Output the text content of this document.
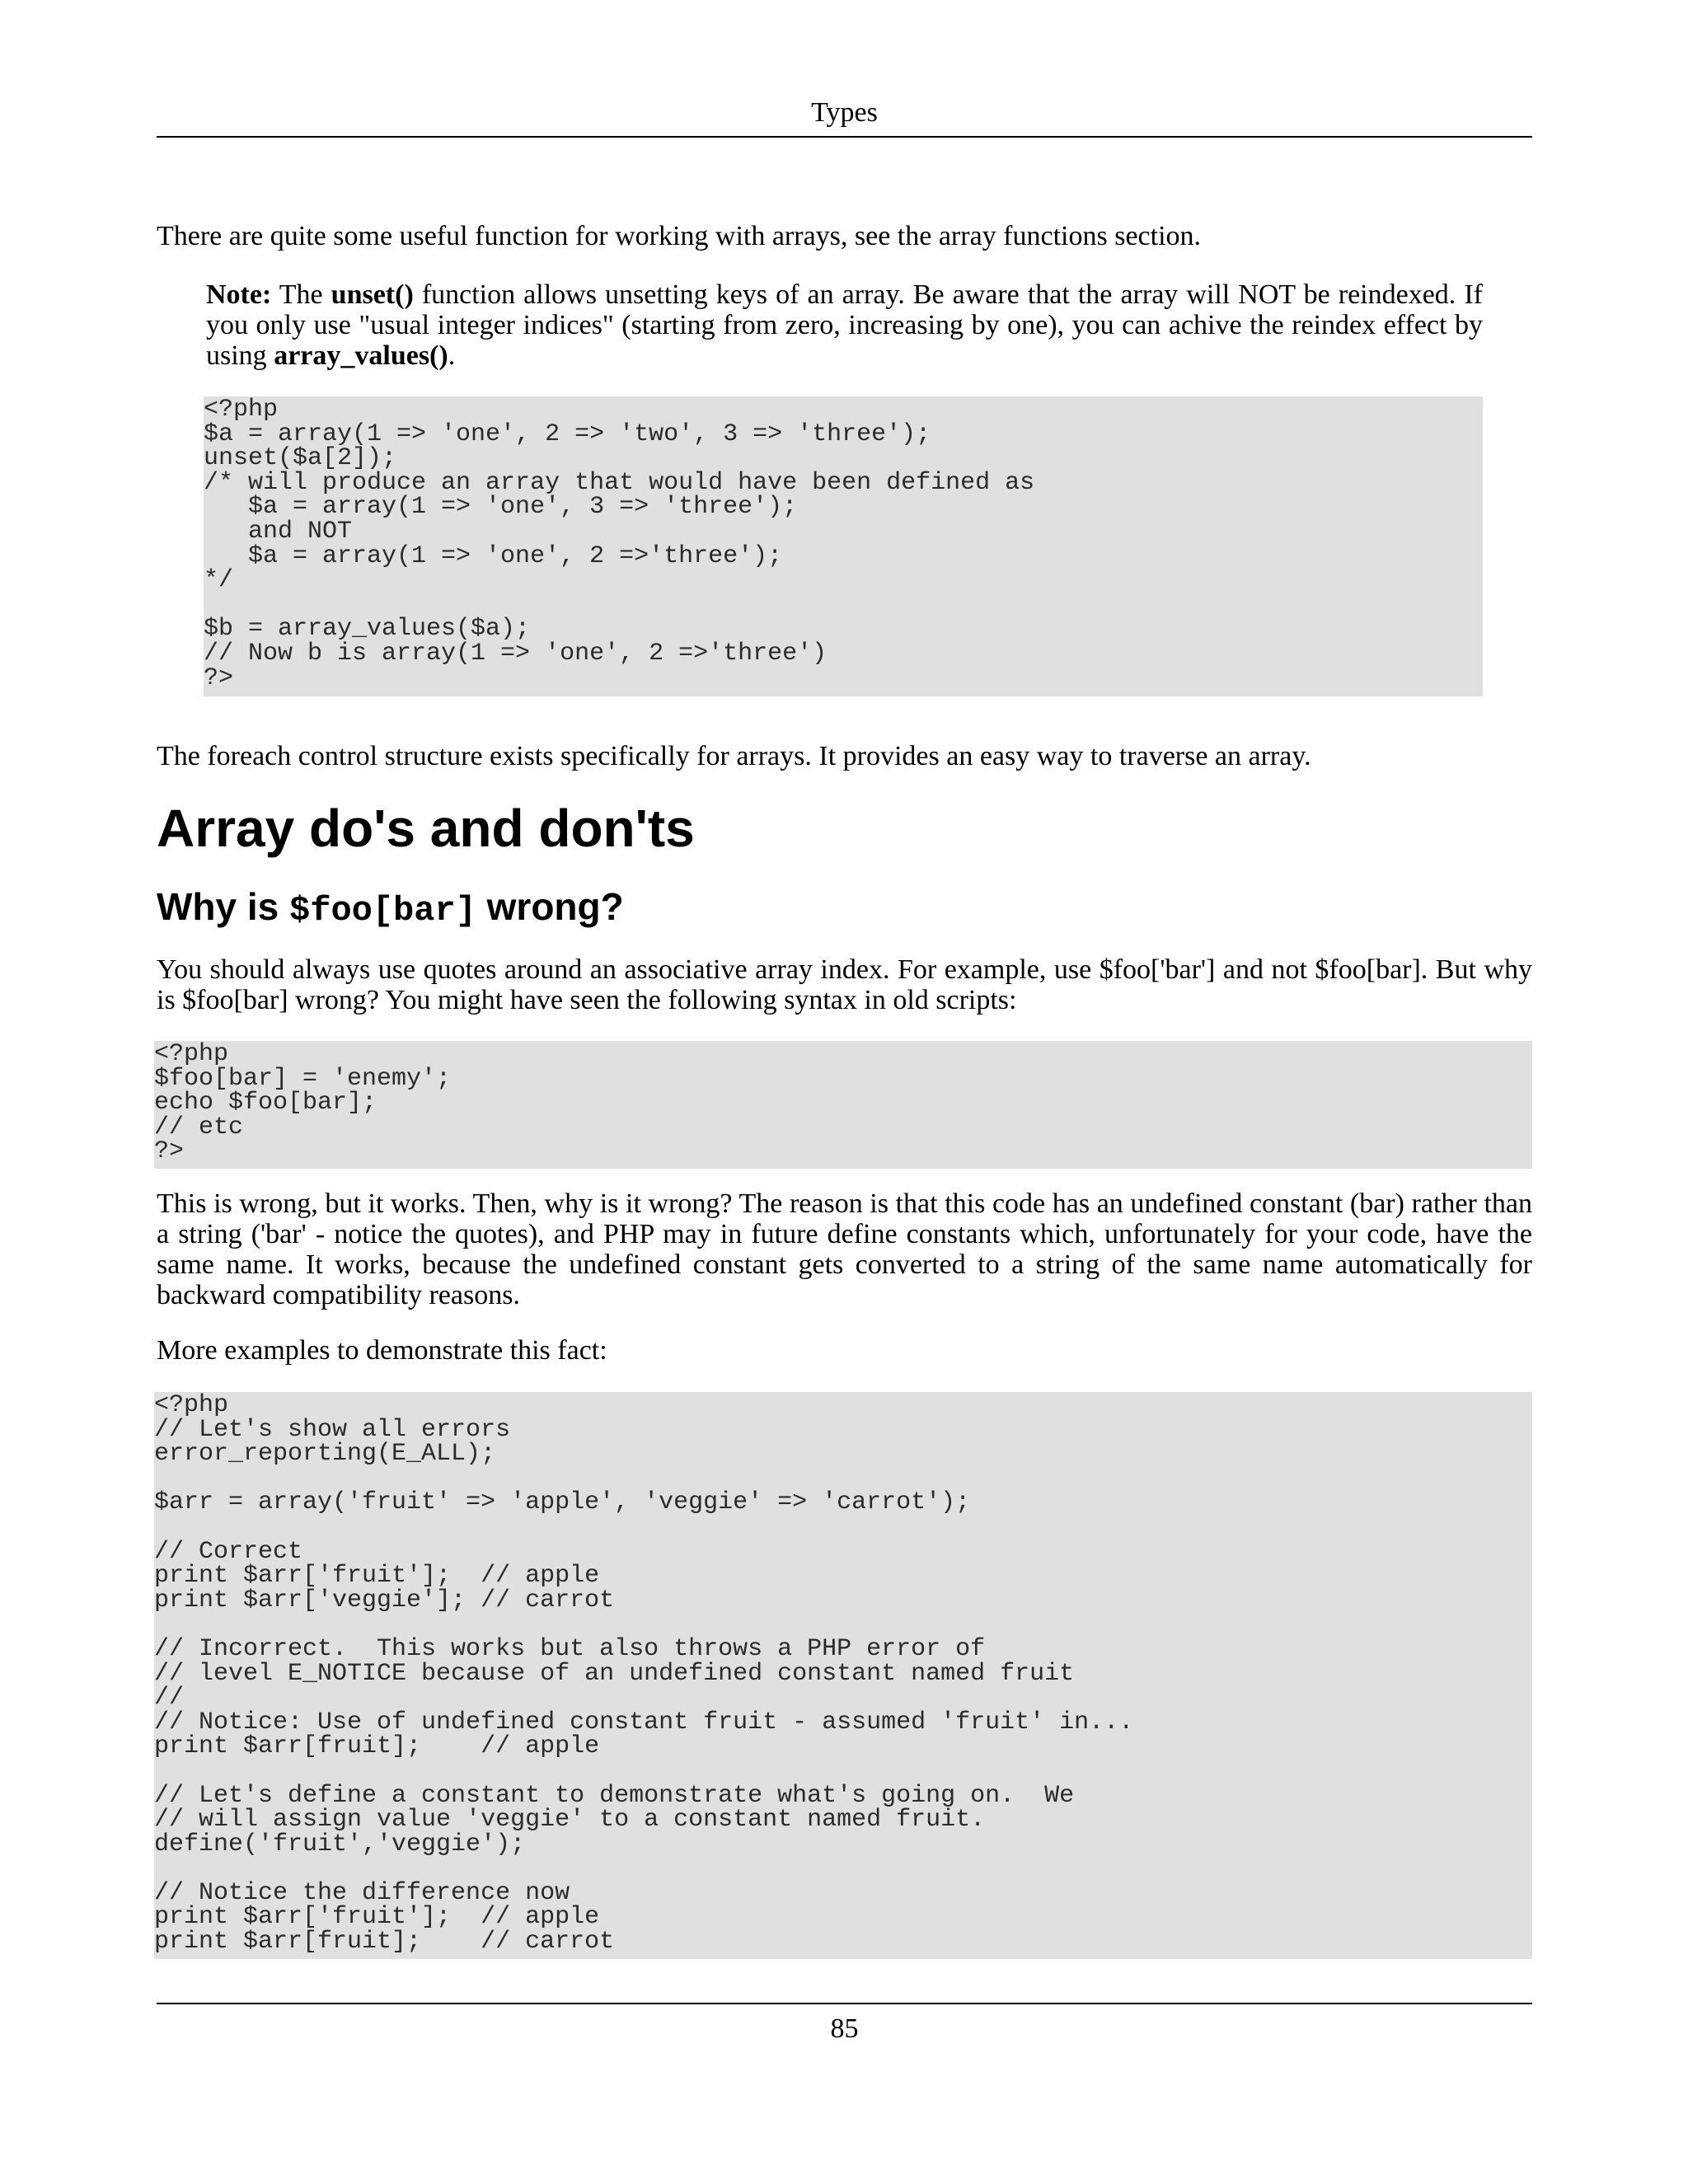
Types

There are quite some useful function for working with arrays, see the array functions section.

Note: The unset() function allows unsetting keys of an array. Be aware that the array will NOT be reindexed. If you only use "usual integer indices" (starting from zero, increasing by one), you can achive the reindex effect by using array_values().

<?php
$a = array(1 => 'one', 2 => 'two', 3 => 'three');
unset($a[2]);
/* will produce an array that would have been defined as
$a = array(1 => 'one', 3 => 'three');
and NOT
$a = array(1 => 'one', 2 =>'three');
*/
$b = array_values($a);
// Now b is array(1 => 'one', 2 =>'three')
?>

The foreach control structure exists specifically for arrays. It provides an easy way to traverse an array.

Array do's and don'ts
Why is $foo[bar] wrong?

You should always use quotes around an associative array index. For example, use $foo['bar'] and not $foo[bar]. But why is $foo[bar] wrong? You might have seen the following syntax in old scripts:

<?php
$foo[bar] = 'enemy';
echo $foo[bar];
// etc
?>

This is wrong, but it works. Then, why is it wrong? The reason is that this code has an undefined constant (bar) rather than a string ('bar' - notice the quotes), and PHP may in future define constants which, unfortunately for your code, have the same name. It works, because the undefined constant gets converted to a string of the same name automatically for backward compatibility reasons.

More examples to demonstrate this fact:

<?php
// Let's show all errors
error_reporting(E_ALL);
$arr = array('fruit' => 'apple', 'veggie' => 'carrot');
// Correct
print $arr['fruit'];  // apple
print $arr['veggie']; // carrot
// Incorrect.  This works but also throws a PHP error of
// level E_NOTICE because of an undefined constant named fruit
//
// Notice: Use of undefined constant fruit - assumed 'fruit' in...
print $arr[fruit];    // apple
// Let's define a constant to demonstrate what's going on.  We
// will assign value 'veggie' to a constant named fruit.
define('fruit','veggie');
// Notice the difference now
print $arr['fruit'];  // apple
print $arr[fruit];    // carrot
85
